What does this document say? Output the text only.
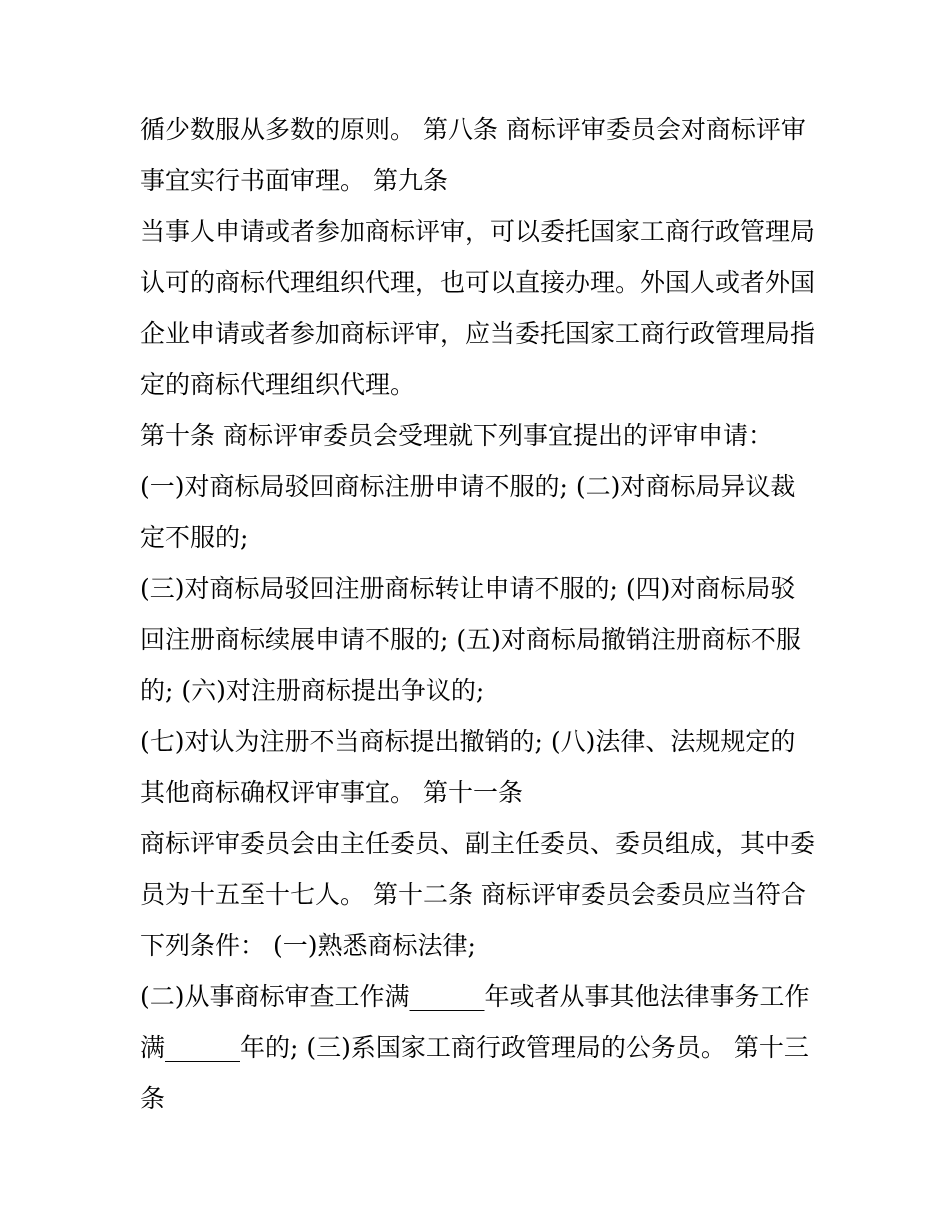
循少数服从多数的原则。 第八条 商标评审委员会对商标评审
事宜实行书面审理。 第九条
当事人申请或者参加商标评审，可以委托国家工商行政管理局
认可的商标代理组织代理，也可以直接办理。外国人或者外国
企业申请或者参加商标评审，应当委托国家工商行政管理局指
定的商标代理组织代理。
第十条 商标评审委员会受理就下列事宜提出的评审申请：
(一)对商标局驳回商标注册申请不服的; (二)对商标局异议裁
定不服的;
(三)对商标局驳回注册商标转让申请不服的; (四)对商标局驳
回注册商标续展申请不服的; (五)对商标局撤销注册商标不服
的; (六)对注册商标提出争议的;
(七)对认为注册不当商标提出撤销的; (八)法律、法规规定的
其他商标确权评审事宜。 第十一条
商标评审委员会由主任委员、副主任委员、委员组成，其中委
员为十五至十七人。 第十二条 商标评审委员会委员应当符合
下列条件： (一)熟悉商标法律;
(二)从事商标审查工作满______年或者从事其他法律事务工作
满______年的; (三)系国家工商行政管理局的公务员。 第十三
条
